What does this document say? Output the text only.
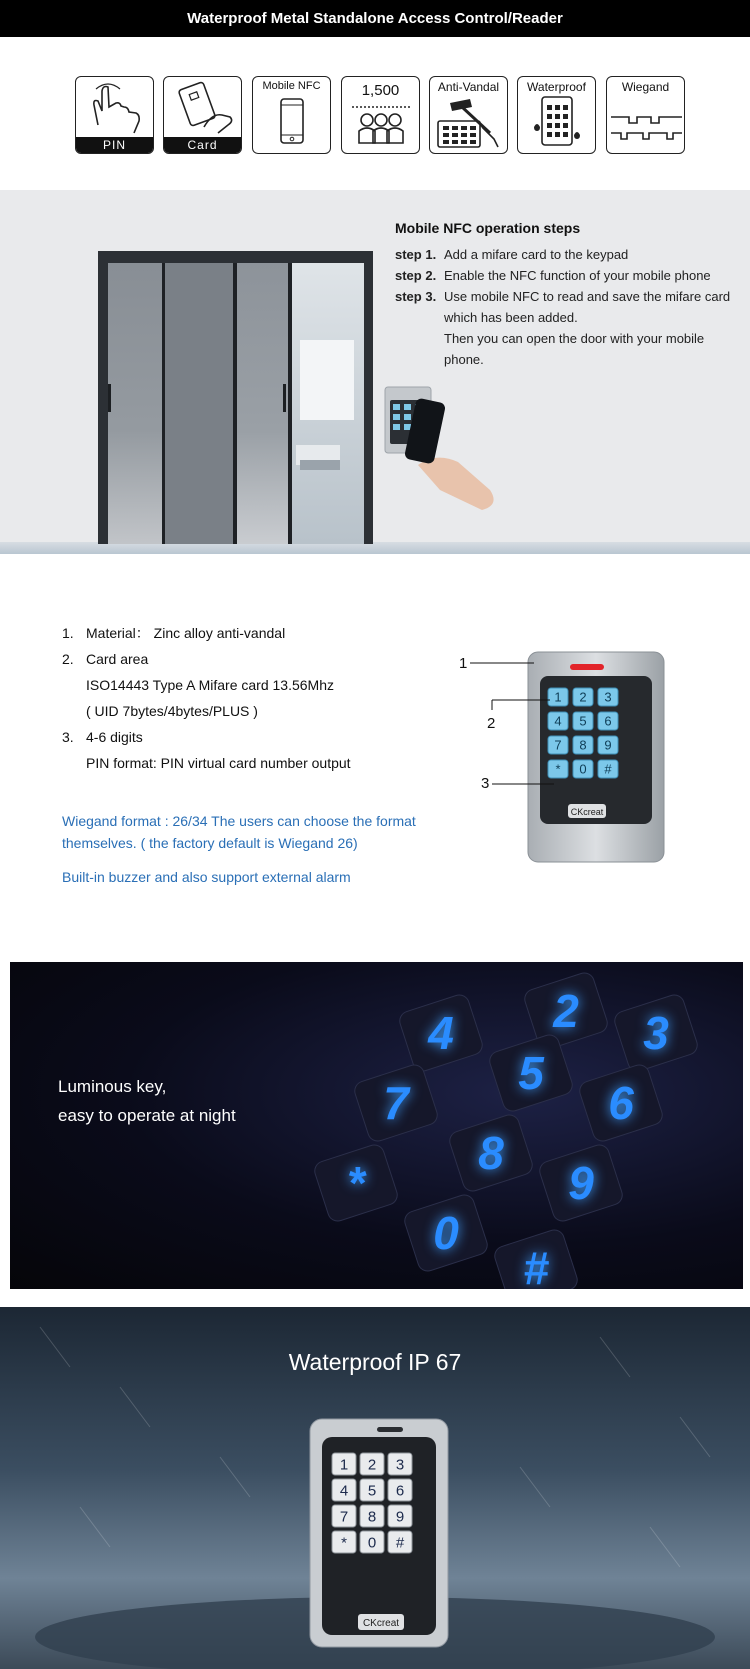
Waterproof Metal Standalone Access Control/Reader
PIN	Card
Mobile NFC	1,500	Anti-Vandal	Waterproof	Wiegand
Mobile NFC operation steps
step 1. Add a mifare card to the keypad
step 2. Enable the NFC function of your mobile phone
step 3. Use mobile NFC to read and save the mifare card which has been added.
Then you can open the door with your mobile phone.
1. Material： Zinc alloy anti-vandal
2. Card area
ISO14443 Type A Mifare card 13.56Mhz
( UID 7bytes/4bytes/PLUS )
3. 4-6 digits
PIN format: PIN virtual card number output
Wiegand format : 26/34 The users can choose the format themselves. ( the factory default is Wiegand 26)
Built-in buzzer and also support external alarm
CKcreat
1 2 3
4 5 6
7 8 9
* 0 #
1
2
3
2 3
4
5
6
7
8
9
*
0
#
Luminous key,
easy to operate at night
CKcreat
1 2 3
4 5 6
7 8 9
* 0 #
Waterproof IP 67
